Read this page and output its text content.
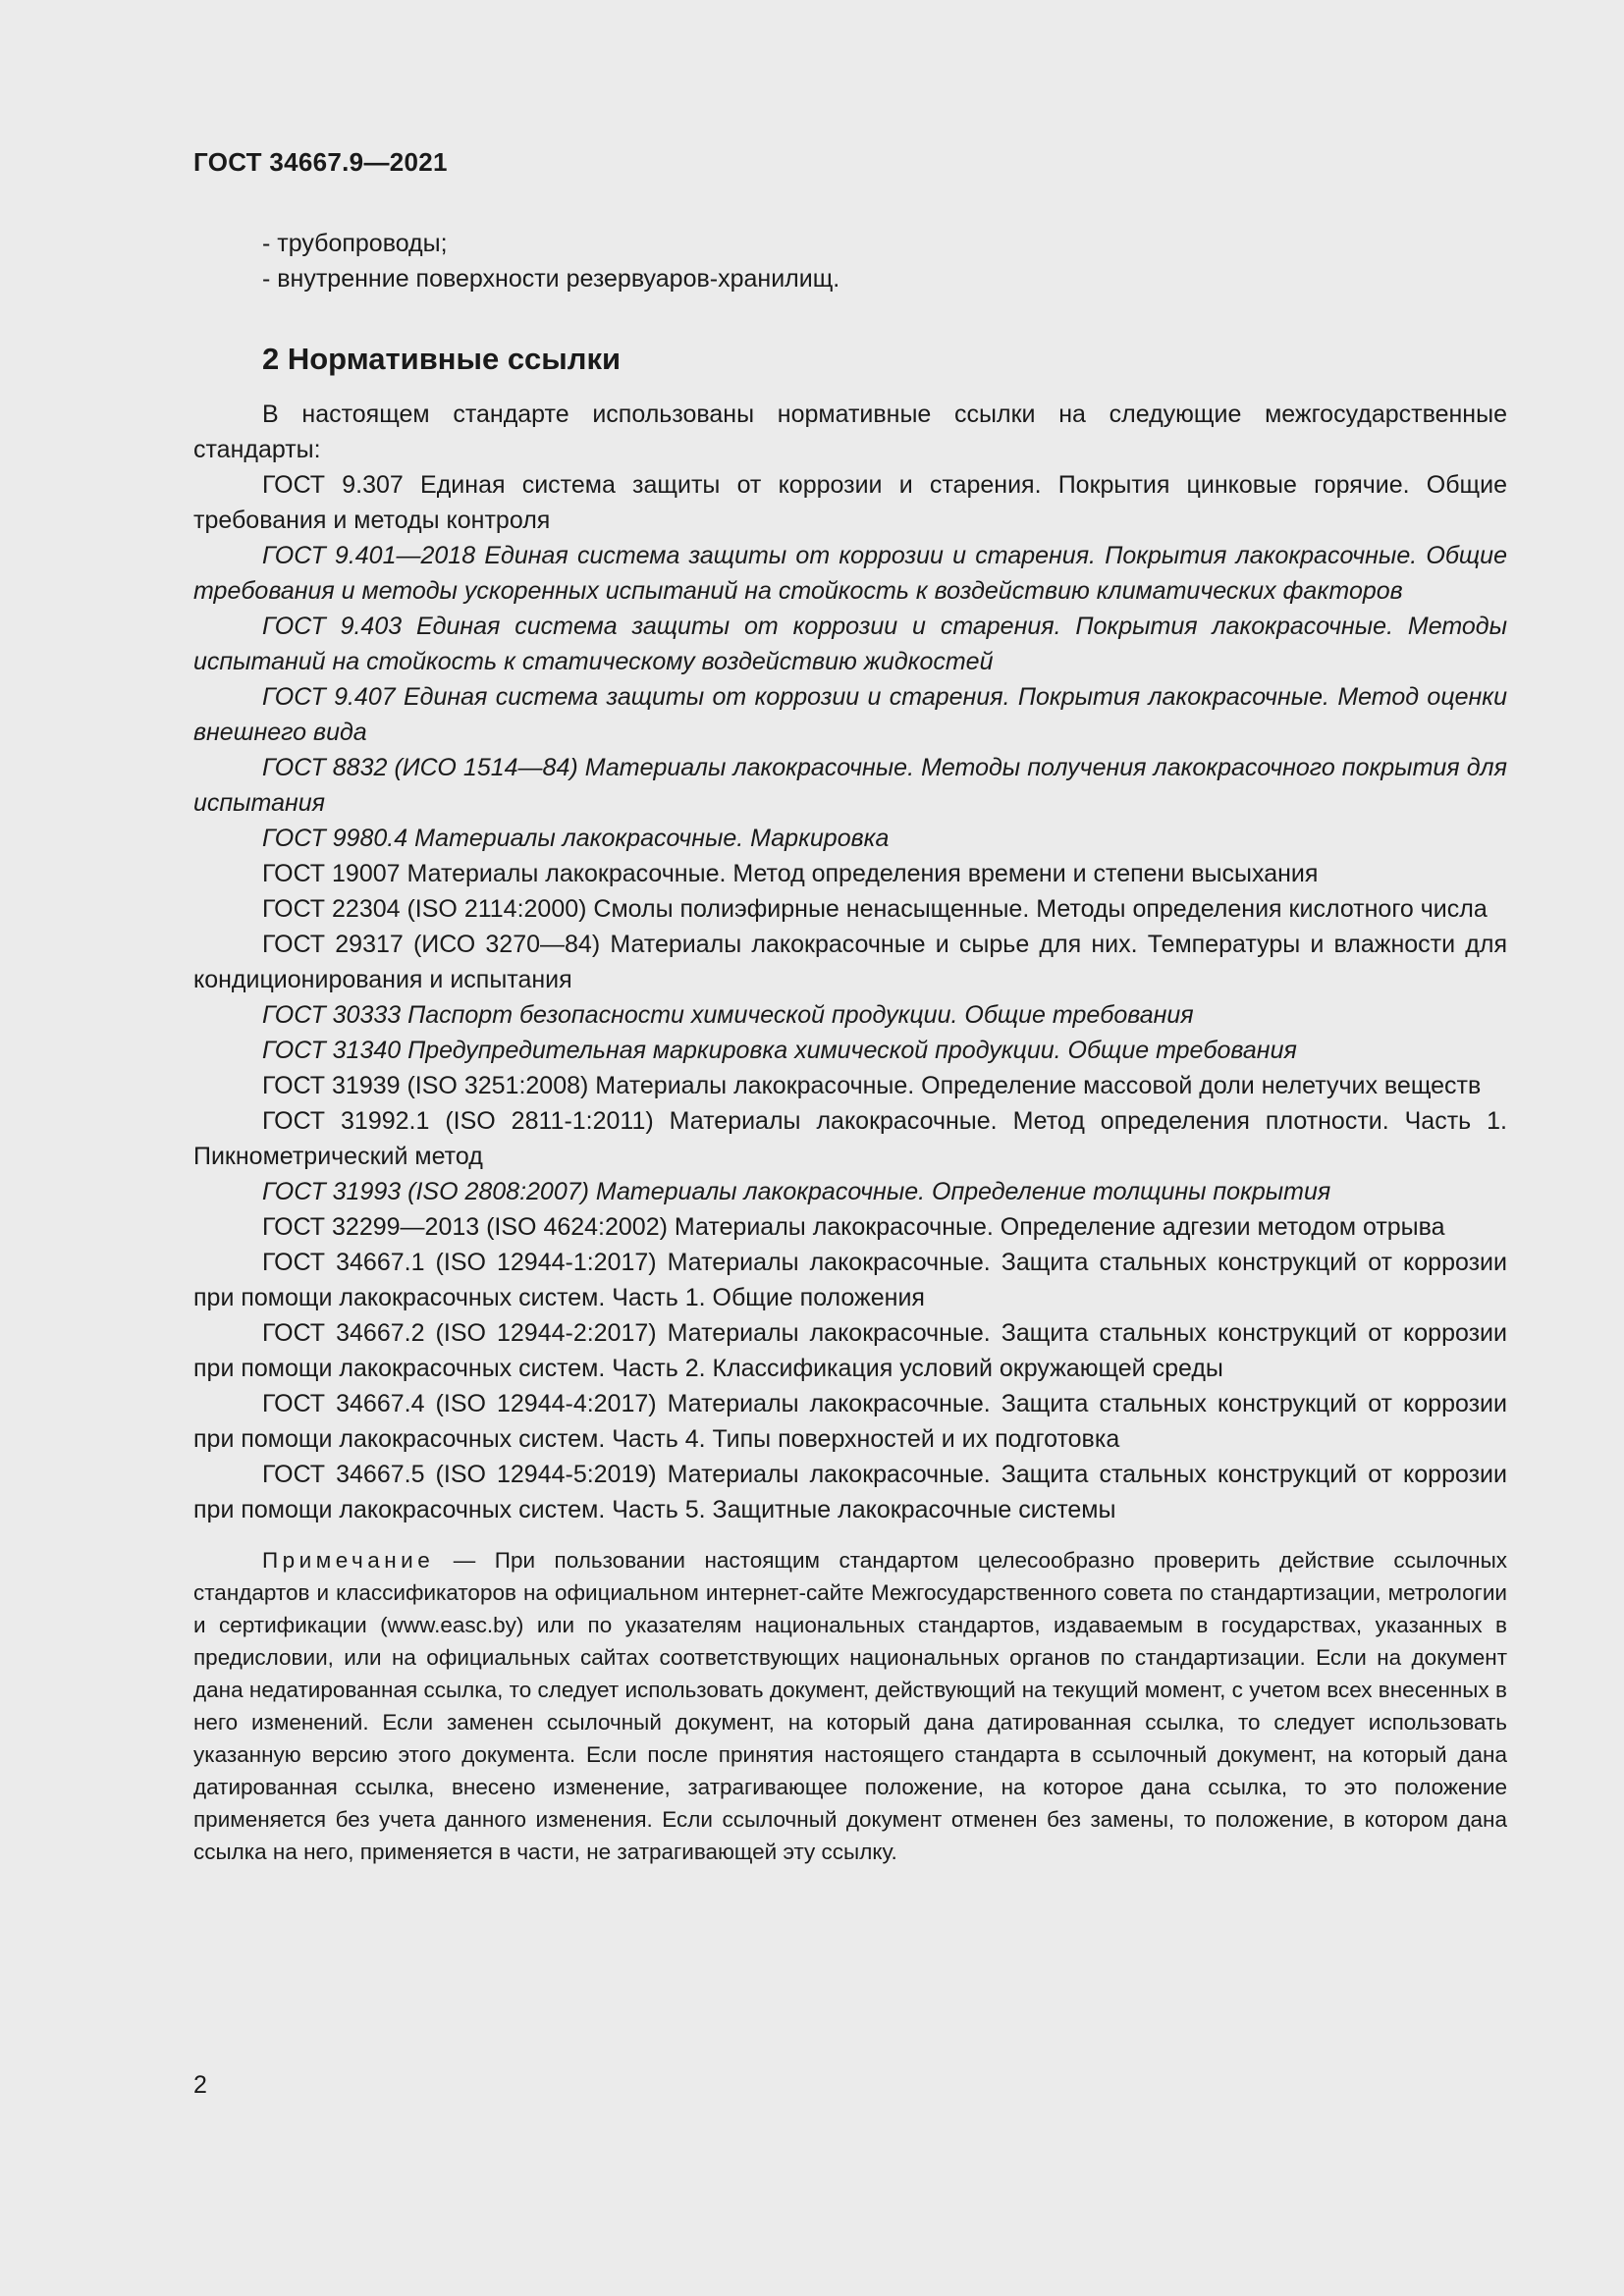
ГОСТ 34667.9—2021

- трубопроводы;

- внутренние поверхности резервуаров-хранилищ.

2 Нормативные ссылки

В настоящем стандарте использованы нормативные ссылки на следующие межгосударственные стандарты:

ГОСТ 9.307 Единая система защиты от коррозии и старения. Покрытия цинковые горячие. Общие требования и методы контроля

ГОСТ 9.401—2018 Единая система защиты от коррозии и старения. Покрытия лакокрасочные. Общие требования и методы ускоренных испытаний на стойкость к воздействию климатических факторов

ГОСТ 9.403 Единая система защиты от коррозии и старения. Покрытия лакокрасочные. Методы испытаний на стойкость к статическому воздействию жидкостей

ГОСТ 9.407 Единая система защиты от коррозии и старения. Покрытия лакокрасочные. Метод оценки внешнего вида

ГОСТ 8832 (ИСО 1514—84) Материалы лакокрасочные. Методы получения лакокрасочного покрытия для испытания

ГОСТ 9980.4 Материалы лакокрасочные. Маркировка

ГОСТ 19007 Материалы лакокрасочные. Метод определения времени и степени высыхания

ГОСТ 22304 (ISO 2114:2000) Смолы полиэфирные ненасыщенные. Методы определения кислотного числа

ГОСТ 29317 (ИСО 3270—84) Материалы лакокрасочные и сырье для них. Температуры и влажности для кондиционирования и испытания

ГОСТ 30333 Паспорт безопасности химической продукции. Общие требования

ГОСТ 31340 Предупредительная маркировка химической продукции. Общие требования

ГОСТ 31939 (ISO 3251:2008) Материалы лакокрасочные. Определение массовой доли нелетучих веществ

ГОСТ 31992.1 (ISO 2811-1:2011) Материалы лакокрасочные. Метод определения плотности. Часть 1. Пикнометрический метод

ГОСТ 31993 (ISO 2808:2007) Материалы лакокрасочные. Определение толщины покрытия

ГОСТ 32299—2013 (ISO 4624:2002) Материалы лакокрасочные. Определение адгезии методом отрыва

ГОСТ 34667.1 (ISO 12944-1:2017) Материалы лакокрасочные. Защита стальных конструкций от коррозии при помощи лакокрасочных систем. Часть 1. Общие положения

ГОСТ 34667.2 (ISO 12944-2:2017) Материалы лакокрасочные. Защита стальных конструкций от коррозии при помощи лакокрасочных систем. Часть 2. Классификация условий окружающей среды

ГОСТ 34667.4 (ISO 12944-4:2017) Материалы лакокрасочные. Защита стальных конструкций от коррозии при помощи лакокрасочных систем. Часть 4. Типы поверхностей и их подготовка

ГОСТ 34667.5 (ISO 12944-5:2019) Материалы лакокрасочные. Защита стальных конструкций от коррозии при помощи лакокрасочных систем. Часть 5. Защитные лакокрасочные системы

Примечание — При пользовании настоящим стандартом целесообразно проверить действие ссылочных стандартов и классификаторов на официальном интернет-сайте Межгосударственного совета по стандартизации, метрологии и сертификации (www.easc.by) или по указателям национальных стандартов, издаваемым в государствах, указанных в предисловии, или на официальных сайтах соответствующих национальных органов по стандартизации. Если на документ дана недатированная ссылка, то следует использовать документ, действующий на текущий момент, с учетом всех внесенных в него изменений. Если заменен ссылочный документ, на который дана датированная ссылка, то следует использовать указанную версию этого документа. Если после принятия настоящего стандарта в ссылочный документ, на который дана датированная ссылка, внесено изменение, затрагивающее положение, на которое дана ссылка, то это положение применяется без учета данного изменения. Если ссылочный документ отменен без замены, то положение, в котором дана ссылка на него, применяется в части, не затрагивающей эту ссылку.

2
